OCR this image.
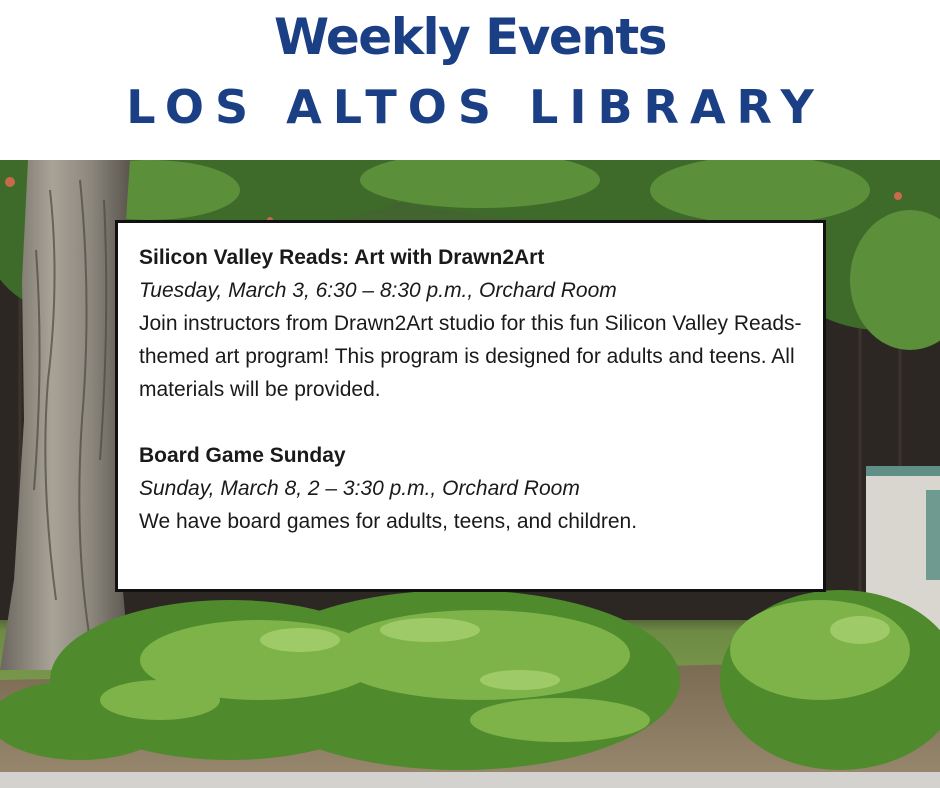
Weekly Events
LOS ALTOS LIBRARY
Silicon Valley Reads: Art with Drawn2Art
Tuesday, March 3, 6:30 – 8:30 p.m., Orchard Room
Join instructors from Drawn2Art studio for this fun Silicon Valley Reads-themed art program! This program is designed for adults and teens. All materials will be provided.
Board Game Sunday
Sunday, March 8, 2 – 3:30 p.m., Orchard Room
We have board games for adults, teens, and children.
